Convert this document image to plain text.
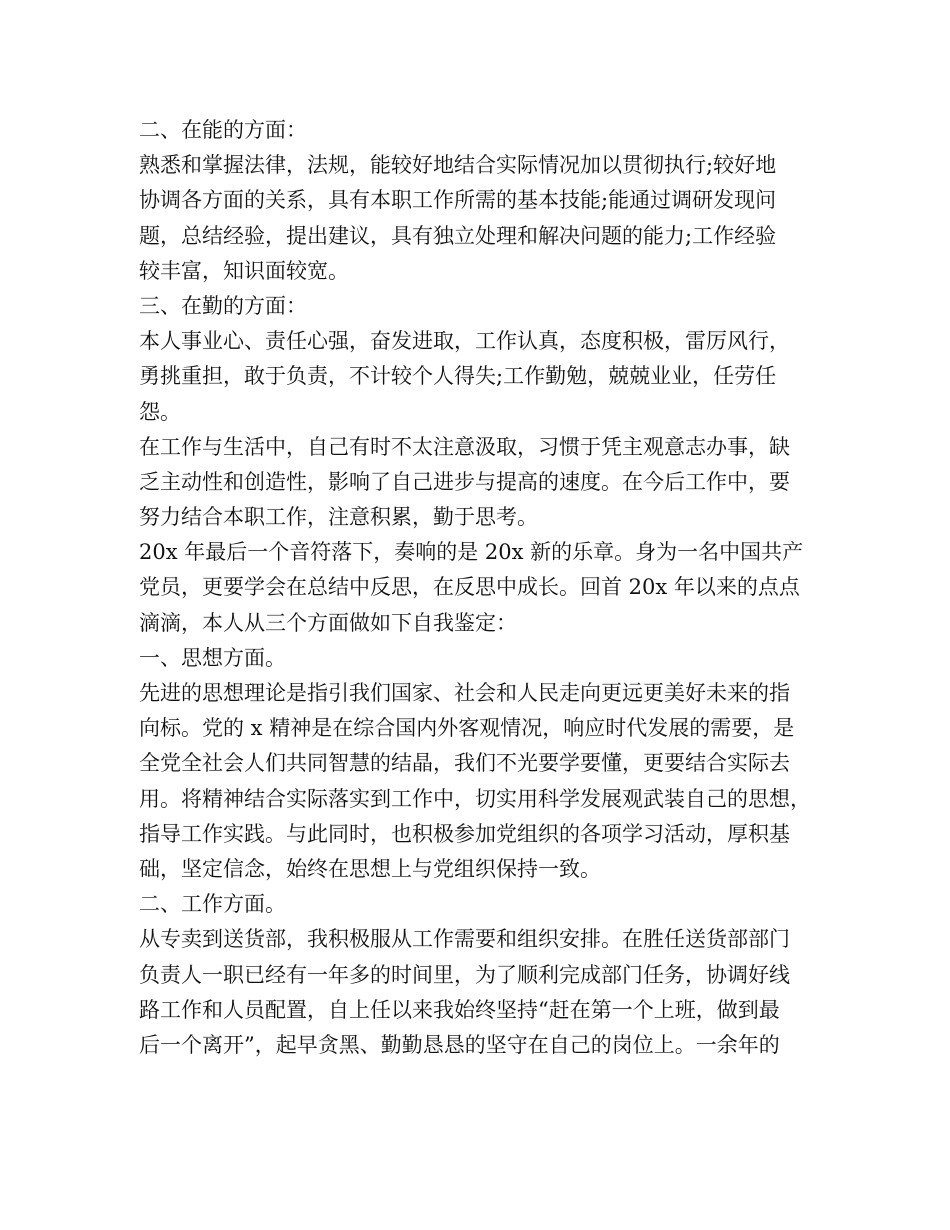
二、在能的方面：
熟悉和掌握法律，法规，能较好地结合实际情况加以贯彻执行;较好地
协调各方面的关系，具有本职工作所需的基本技能;能通过调研发现问
题，总结经验，提出建议，具有独立处理和解决问题的能力;工作经验
较丰富，知识面较宽。
三、在勤的方面：
本人事业心、责任心强，奋发进取，工作认真，态度积极，雷厉风行，
勇挑重担，敢于负责，不计较个人得失;工作勤勉，兢兢业业，任劳任
怨。
在工作与生活中，自己有时不太注意汲取，习惯于凭主观意志办事，缺
乏主动性和创造性，影响了自己进步与提高的速度。在今后工作中，要
努力结合本职工作，注意积累，勤于思考。
20x 年最后一个音符落下，奏响的是 20x 新的乐章。身为一名中国共产
党员，更要学会在总结中反思，在反思中成长。回首 20x 年以来的点点
滴滴，本人从三个方面做如下自我鉴定：
一、思想方面。
先进的思想理论是指引我们国家、社会和人民走向更远更美好未来的指
向标。党的 x 精神是在综合国内外客观情况，响应时代发展的需要，是
全党全社会人们共同智慧的结晶，我们不光要学要懂，更要结合实际去
用。将精神结合实际落实到工作中，切实用科学发展观武装自己的思想，
指导工作实践。与此同时，也积极参加党组织的各项学习活动，厚积基
础，坚定信念，始终在思想上与党组织保持一致。
二、工作方面。
从专卖到送货部，我积极服从工作需要和组织安排。在胜任送货部部门
负责人一职已经有一年多的时间里，为了顺利完成部门任务，协调好线
路工作和人员配置，自上任以来我始终坚持“赶在第一个上班，做到最
后一个离开”，起早贪黑、勤勤恳恳的坚守在自己的岗位上。一余年的
